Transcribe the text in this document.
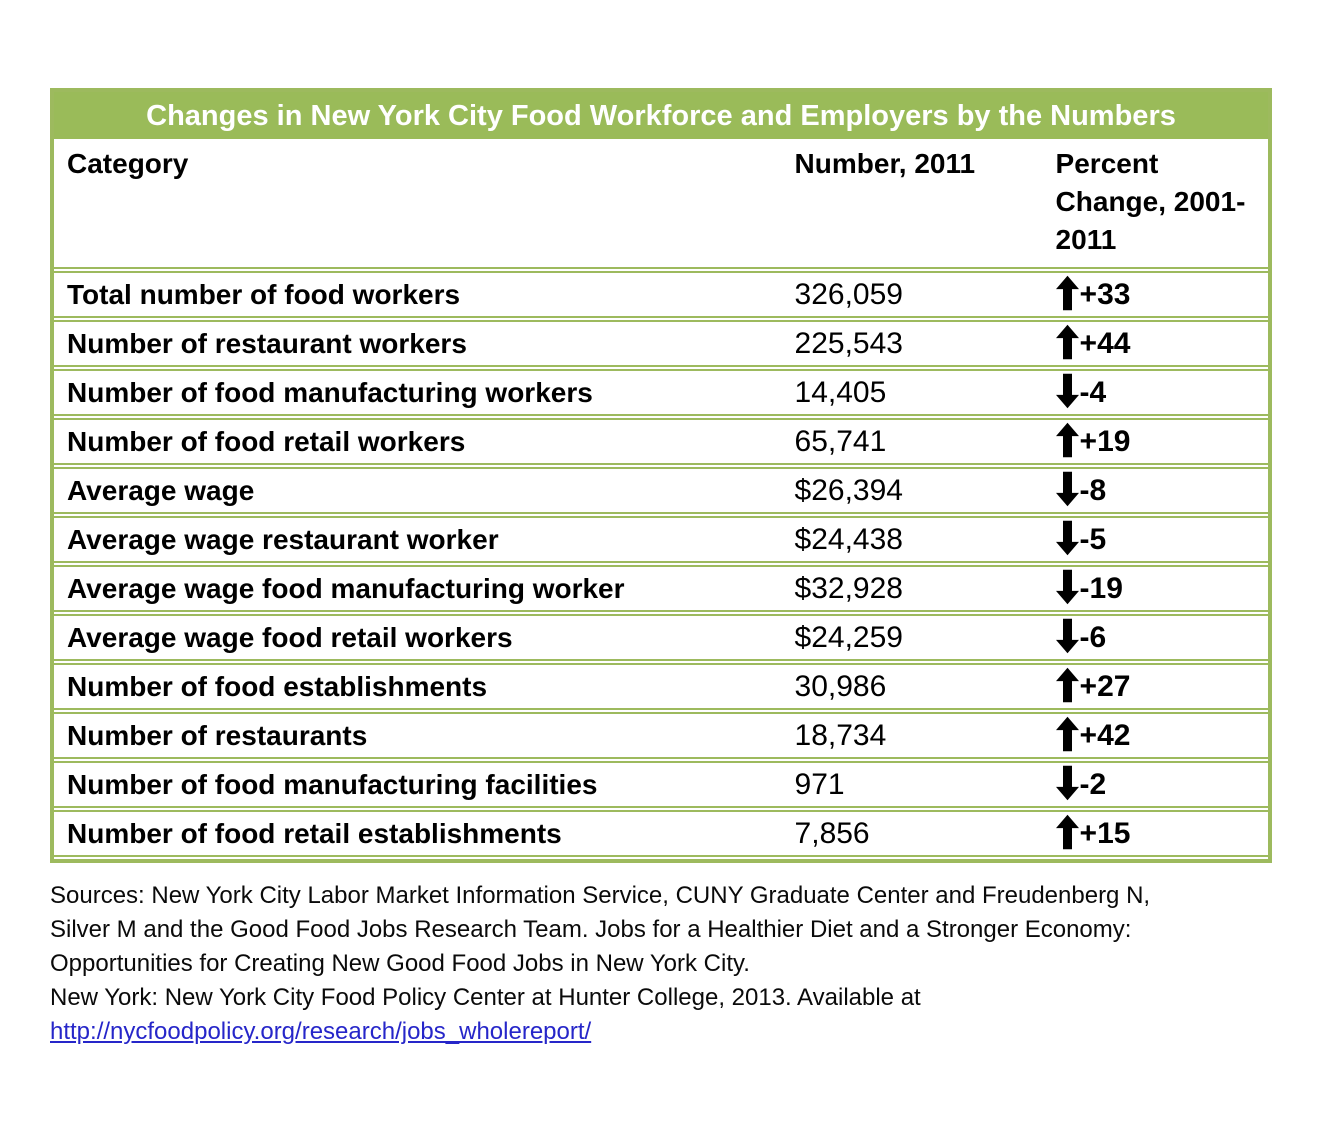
Changes in New York City Food Workforce and Employers by the Numbers
Category	Number, 2011	Percent Change, 2001-2011
Total number of food workers	326,059	+33
Number of restaurant workers	225,543	+44
Number of food manufacturing workers	14,405	-4
Number of food retail workers	65,741	+19
Average wage	$26,394	-8
Average wage restaurant worker	$24,438	-5
Average wage food manufacturing worker	$32,928	-19
Average wage food retail workers	$24,259	-6
Number of food establishments	30,986	+27
Number of restaurants	18,734	+42
Number of food manufacturing facilities	971	-2
Number of food retail establishments	7,856	+15
Sources: New York City Labor Market Information Service, CUNY Graduate Center and Freudenberg N,
Silver M and the Good Food Jobs Research Team. Jobs for a Healthier Diet and a Stronger Economy:
Opportunities for Creating New Good Food Jobs in New York City.
New York: New York City Food Policy Center at Hunter College, 2013. Available at
http://nycfoodpolicy.org/research/jobs_wholereport/
